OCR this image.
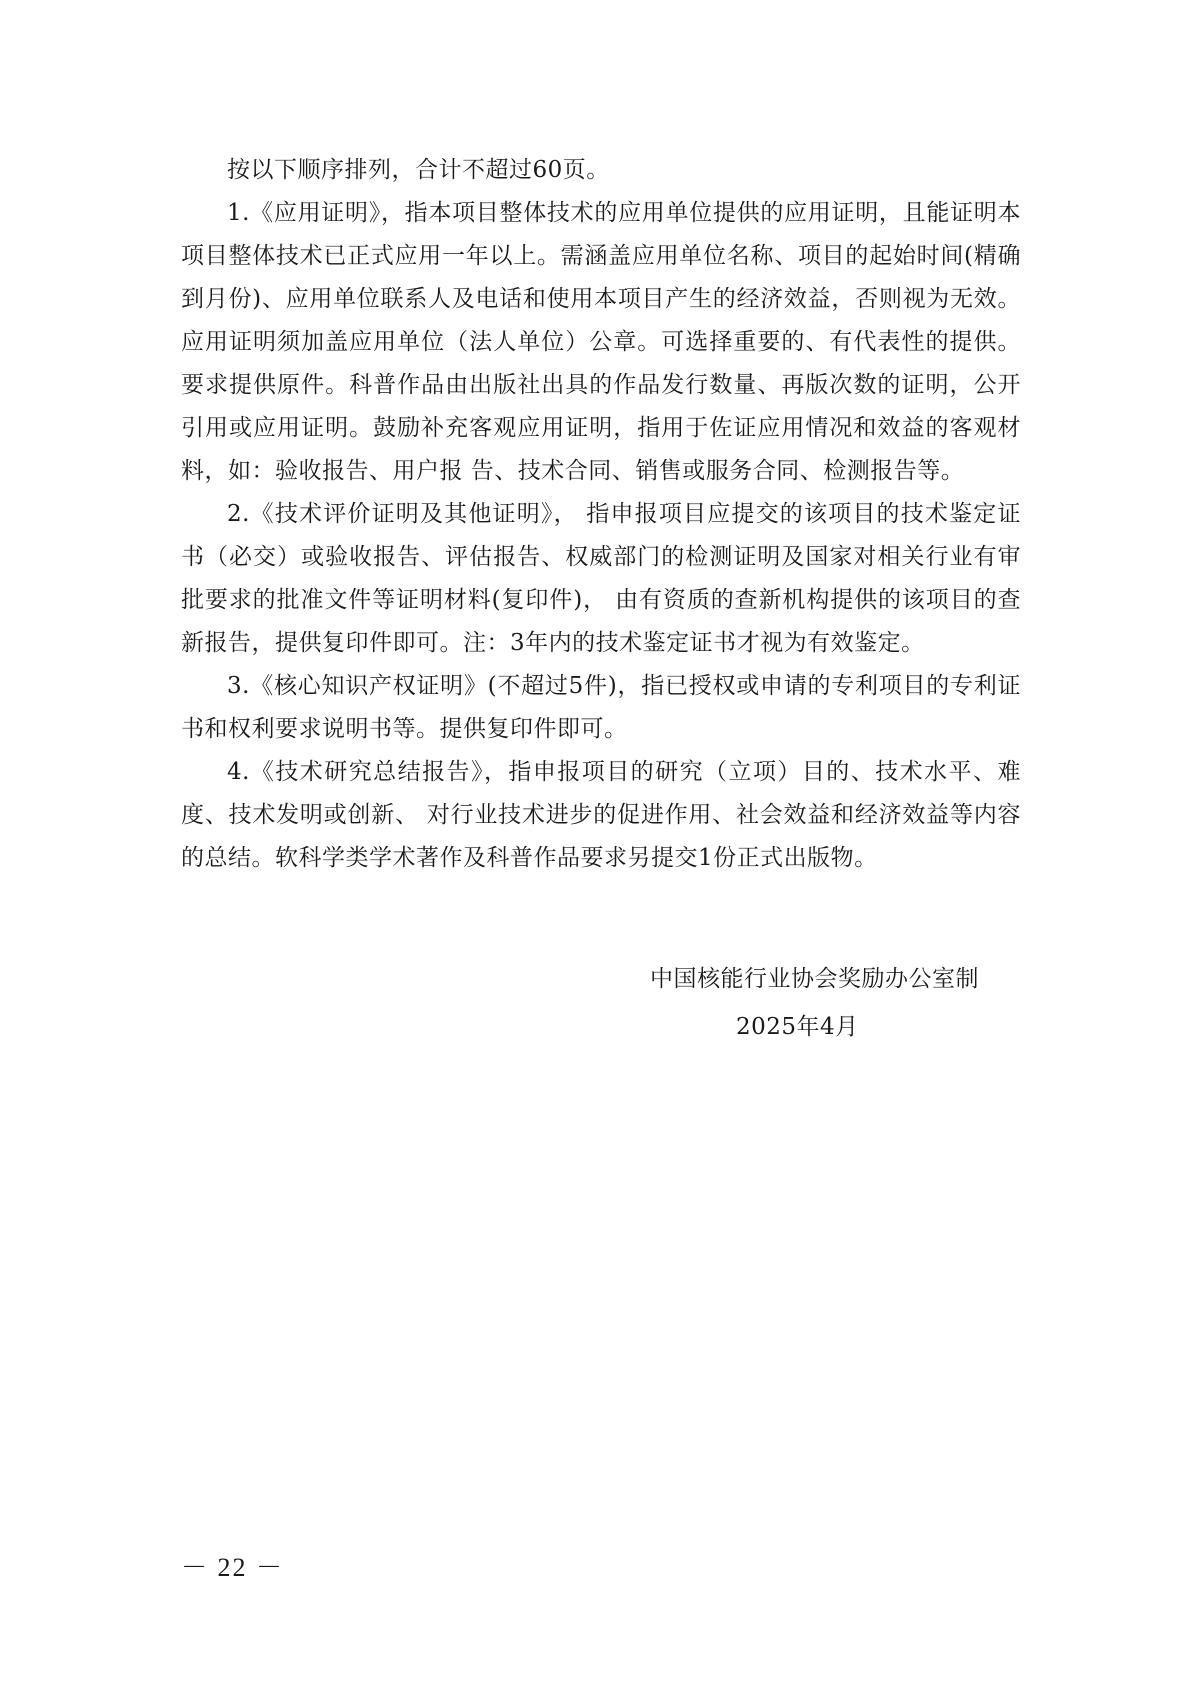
按以下顺序排列，合计不超过60页。

1.《应用证明》，指本项目整体技术的应用单位提供的应用证明，且能证明本项目整体技术已正式应用一年以上。需涵盖应用单位名称、项目的起始时间(精确到月份)、应用单位联系人及电话和使用本项目产生的经济效益，否则视为无效。应用证明须加盖应用单位（法人单位）公章。可选择重要的、有代表性的提供。要求提供原件。科普作品由出版社出具的作品发行数量、再版次数的证明，公开引用或应用证明。鼓励补充客观应用证明，指用于佐证应用情况和效益的客观材料，如：验收报告、用户报 告、技术合同、销售或服务合同、检测报告等。

2.《技术评价证明及其他证明》， 指申报项目应提交的该项目的技术鉴定证书（必交）或验收报告、评估报告、权威部门的检测证明及国家对相关行业有审批要求的批准文件等证明材料(复印件)， 由有资质的查新机构提供的该项目的查新报告，提供复印件即可。注：3年内的技术鉴定证书才视为有效鉴定。

3.《核心知识产权证明》(不超过5件)，指已授权或申请的专利项目的专利证书和权利要求说明书等。提供复印件即可。

4.《技术研究总结报告》，指申报项目的研究（立项）目的、技术水平、难度、技术发明或创新、 对行业技术进步的促进作用、社会效益和经济效益等内容的总结。软科学类学术著作及科普作品要求另提交1份正式出版物。

中国核能行业协会奖励办公室制
2025年4月
－ 22 －
